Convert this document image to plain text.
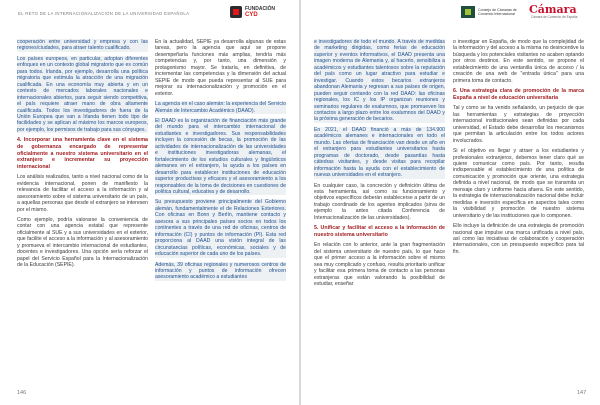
EL RETO DE LA INTERNACIONALIZACIÓN DE LA UNIVERSIDAD ESPAÑOLA
FUNDACIÓN
CYD

cooperación entre universidad y empresa y con las regiones/ciudades, para atraer talento cualificado.

Los países europeos, en particular, adoptan diferentes enfoques en un contexto global migratorio que es común para todos. Irlanda, por ejemplo, desarrolla una política migratoria que estimula la atracción de una migración cualificada. En una economía muy abierta y en un contexto de mercados laborales nacionales e internacionales abiertos, para seguir siendo competitiva, el país requiere atraer mano de obra altamente cualificada. Todos los investigadores de fuera de la Unión Europea que van a Irlanda tienen todo tipo de facilidades y se aplican al máximo los marcos europeos, por ejemplo, los permisos de trabajo para sus cónyuges.

4. Incorporar una herramienta clave en el sistema de gobernanza encargado de representar oficialmente a nuestro sistema universitario en el extranjero e incrementar su proyección internacional

Los análisis realizados, tanto a nivel nacional como de la evidencia internacional, ponen de manifiesto la relevancia de facilitar el acceso a la información y al asesoramiento sobre el sistema universitario de un país, a aquellas personas que desde el extranjero se interesen por el mismo.

Como ejemplo, podría valorarse la conveniencia de contar con una agencia estatal que represente oficialmente al SUE y a sus universidades en el exterior, que facilite el acceso a la información y al asesoramiento y promueva el intercambio internacional de estudiantes, docentes e investigadores. Una opción sería reforzar el papel del Servicio Español para la Internacionalización de la Educación (SEPIE).

En la actualidad, SEPIE ya desarrolla algunas de estas tareas, pero la agencia que aquí se propone desempeñaría funciones más amplias, tendría más competencias y, por tanto, una dimensión y protagonismo mayor. Se trataría, en definitiva, de incrementar las competencias y la dimensión del actual SEPIE de modo que pueda representar al SUE para mejorar su internacionalización y promoción en el exterior.

La agencia en el caso alemán: la experiencia del Servicio Alemán de Intercambio Académico (DAAD).

El DAAD es la organización de financiación más grande del mundo para el intercambio internacional de estudiantes e investigadores. Sus responsabilidades incluyen la concesión de becas, la promoción de las actividades de internacionalización de las universidades e instituciones investigadoras alemanas, el fortalecimiento de los estudios culturales y lingüísticos alemanes en el extranjero, la ayuda a los países en desarrollo para establecer instituciones de educación superior productivas y eficaces y el asesoramiento a los responsables de la toma de decisiones en cuestiones de política cultural, educativa y de desarrollo.

Su presupuesto proviene principalmente del Gobierno alemán, fundamentalmente el de Relaciones Exteriores. Con oficinas en Bonn y Berlín, mantiene contacto y asesora a sus principales países socios en todos los continentes a través de una red de oficinas, centros de información (CI) y puntos de información (PI). Esta red proporciona al DAAD una visión integral de las circunstancias políticas, económicas, sociales y de educación superior de cada uno de los países.

Además, 39 oficinas regionales y numerosos centros de información y puntos de información ofrecen asesoramiento académico a estudiantes

146
Consejo de Cámaras de Comercio Internacional Cámara
Cámara de Comercio de España

e investigadores de todo el mundo. A través de medidas de marketing dirigidas, como ferias de educación superior y eventos informativos, el DAAD presenta una imagen moderna de Alemania y, al hacerlo, sensibiliza a académicos y estudiantes talentosos sobre la reputación del país como un lugar atractivo para estudiar e investigar. Cuando estos becarios extranjeros abandonan Alemania y regresan a sus países de origen, pueden seguir contando con la red DAAD: las oficinas regionales, los IC y los IP organizan reuniones y seminarios regulares de exalumnos, que promueven los contactos a largo plazo entre los exalumnos del DAAD y la próxima generación de becarios.

En 2021, el DAAD financió a más de 134.900 académicos alemanes e internacionales en todo el mundo. Las ofertas de financiación van desde un año en el extranjero para estudiantes universitarios hasta programas de doctorado, desde pasantías hasta cátedras visitantes, y desde visitas para recopilar información hasta la ayuda con el establecimiento de nuevas universidades en el extranjero.

En cualquier caso, la concreción y definición última de esta herramienta, así como su funcionamiento y objetivos específicos deberán establecerse a partir de un trabajo coordinado de los agentes implicados (sirva de ejemplo la antes citada Conferencia de Internacionalización de las universidades).

5. Unificar y facilitar el acceso a la información de nuestro sistema universitario

En relación con lo anterior, ante la gran fragmentación del sistema universitario de nuestro país, lo que hace que el primer acceso a la información sobre el mismo sea muy complicado y confuso, resulta prioritario unificar y facilitar esa primera toma de contacto a las personas extranjeras que están valorando la posibilidad de estudiar, enseñar

o investigar en España, de modo que la complejidad de la información y del acceso a la misma no desincentive la búsqueda y los potenciales visitantes no acaben optando por otros destinos. En este sentido, se propone el establecimiento de una ventanilla única de acceso / la creación de una web de "entrada única" para una primera toma de contacto.

6. Una estrategia clara de promoción de la marca España a nivel de educación universitaria

Tal y como se ha venido señalando, un perjuicio de que las herramientas y estrategias de proyección internacional institucionales sean definidas por cada universidad, el Estado debe desarrollar los mecanismos que permitan la articulación entre los todos actores involucrados.

Si el objetivo es llegar y atraer a los estudiantes y profesionales extranjeros, debemos tener claro qué se quiere comunicar como país. Por tanto, resulta indispensable el establecimiento de una política de comunicación y promoción que oriente, una estrategia definida a nivel nacional, de modo que se transmita un mensaje claro y uniforme hacia afuera. En este sentido, la estrategia de internacionalización nacional debe incluir medidas e inversión específica en aspectos tales como la visibilidad y promoción de nuestro sistema universitario y de las instituciones que lo componen.

Ello incluye la definición de una estrategia de promoción nacional que impulse una marca unificada a nivel país, así como las iniciativas de colaboración y cooperación internacionales, con un presupuesto específico para tal fin.

147
